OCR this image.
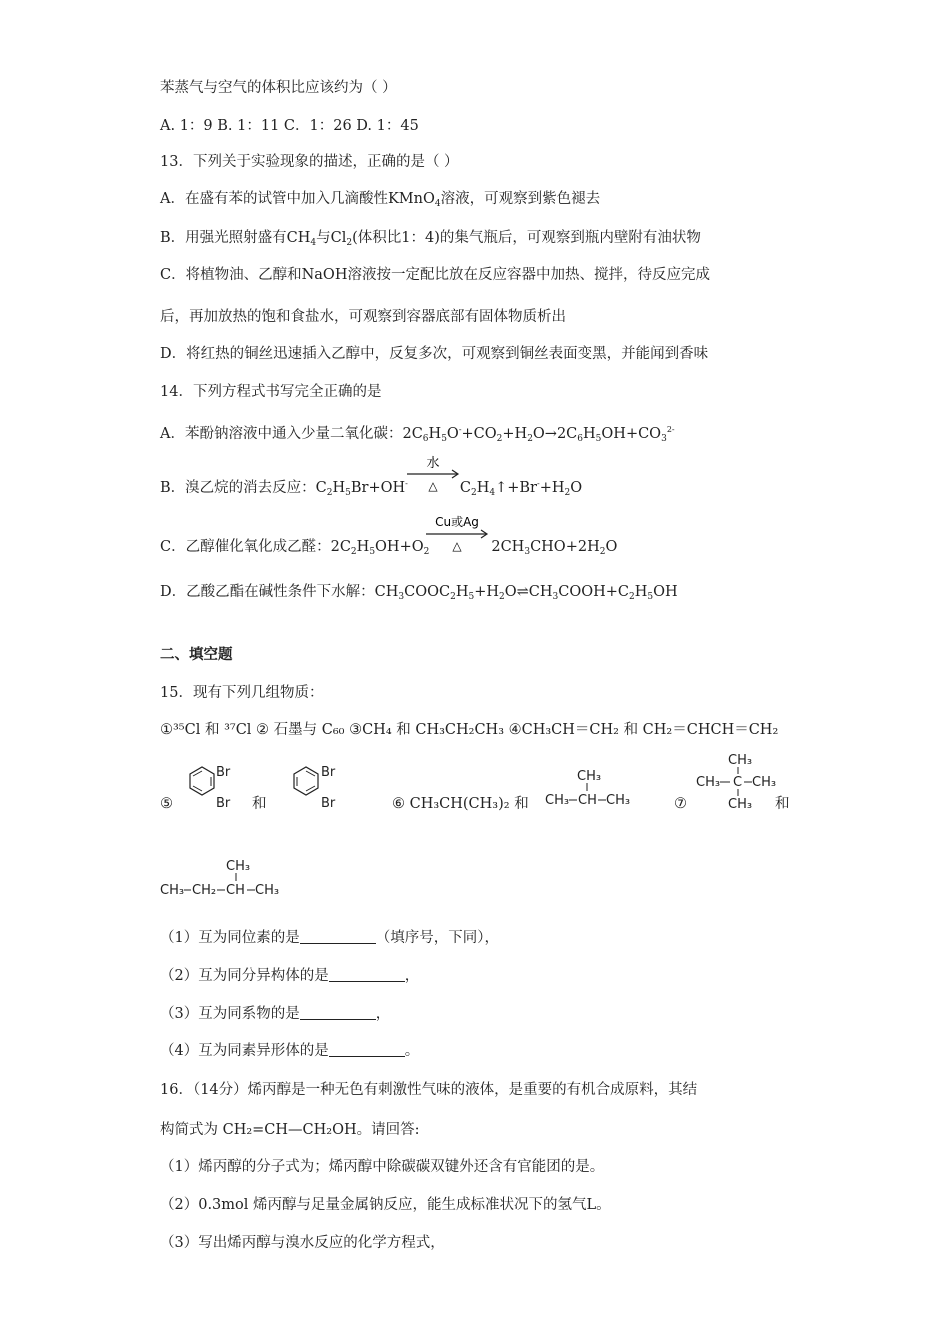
苯蒸气与空气的体积比应该约为（ ）
A. 1：9 B. 1：11 C．1：26 D. 1：45
13．下列关于实验现象的描述，正确的是（ ）
A．在盛有苯的试管中加入几滴酸性KMnO$_4$溶液，可观察到紫色褪去
B．用强光照射盛有$CH_4$与$Cl_2$(体积比1：4)的集气瓶后，可观察到瓶内壁附有油状物
C．将植物油、乙醇和NaOH溶液按一定配比放在反应容器中加热、搅拌，待反应完成
后，再加放热的饱和食盐水，可观察到容器底部有固体物质析出
D．将红热的铜丝迅速插入乙醇中，反复多次，可观察到铜丝表面变黑，并能闻到香味
14．下列方程式书写完全正确的是
A．苯酚钠溶液中通入少量二氧化碳：$2C_6H_5O^-+CO_2+H_2O\to 2C_6H_5OH+CO_3^{2-}$
B．溴乙烷的消去反应：$C_2H_5Br+OH^-$	$C_2H_4↑+Br^-+H_2O$
水
△
C．乙醇催化氧化成乙醛：$2C_2H_5OH+O_2$	$2CH_3CHO+2H_2O$
Cu或Ag
△
D．乙酸乙酯在碱性条件下水解：$CH_3COOC_2H_5+H_2O\rightleftharpoons CH_3COOH+C_2H_5OH$
二、填空题
15．现有下列几组物质：
①³⁵Cl 和 ³⁷Cl ② 石墨与 C₆₀ ③CH₄ 和 CH₃CH₂CH₃ ④CH₃CH＝CH₂ 和 CH₂＝CHCH＝CH₂
⑤
Br
Br 和
Br
Br	⑥ CH₃CH(CH₃)₂ 和
CH₃
CH₃ CH CH₃	⑦
CH₃
CH₃ C CH₃
CH₃ 和
CH₃
CH₃ CH₂ CH CH₃
（1）互为同位素的是	（填序号，下同），
（2）互为同分异构体的是	，
（3）互为同系物的是	，
（4）互为同素异形体的是	。
16．（14分）烯丙醇是一种无色有刺激性气味的液体，是重要的有机合成原料，其结
构简式为 CH₂=CH—CH₂OH。请回答:
（1）烯丙醇的分子式为；烯丙醇中除碳碳双键外还含有官能团的是。
（2）0.3mol 烯丙醇与足量金属钠反应，能生成标准状况下的氢气L。
（3）写出烯丙醇与溴水反应的化学方程式，
